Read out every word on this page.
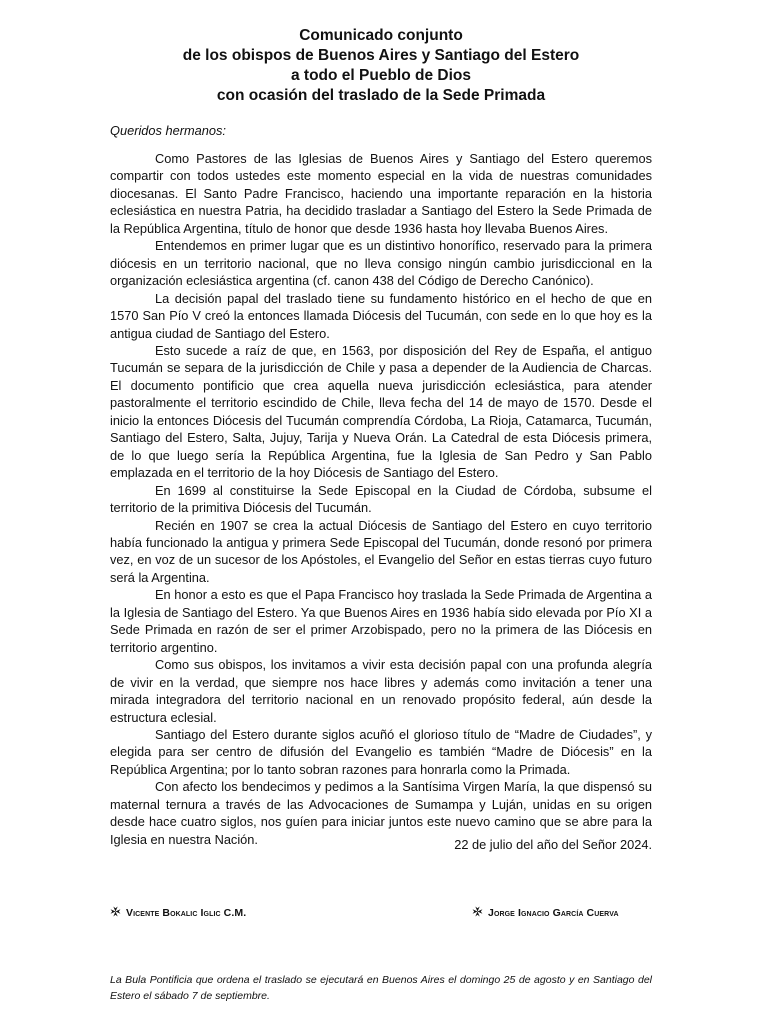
Comunicado conjunto
de los obispos de Buenos Aires y Santiago del Estero
a todo el Pueblo de Dios
con ocasión del traslado de la Sede Primada
Queridos hermanos:

Como Pastores de las Iglesias de Buenos Aires y Santiago del Estero queremos compartir con todos ustedes este momento especial en la vida de nuestras comunidades diocesanas. El Santo Padre Francisco, haciendo una importante reparación en la historia eclesiástica en nuestra Patria, ha decidido trasladar a Santiago del Estero la Sede Primada de la República Argentina, título de honor que desde 1936 hasta hoy llevaba Buenos Aires.

Entendemos en primer lugar que es un distintivo honorífico, reservado para la primera diócesis en un territorio nacional, que no lleva consigo ningún cambio jurisdiccional en la organización eclesiástica argentina (cf. canon 438 del Código de Derecho Canónico).

La decisión papal del traslado tiene su fundamento histórico en el hecho de que en 1570 San Pío V creó la entonces llamada Diócesis del Tucumán, con sede en lo que hoy es la antigua ciudad de Santiago del Estero.

Esto sucede a raíz de que, en 1563, por disposición del Rey de España, el antiguo Tucumán se separa de la jurisdicción de Chile y pasa a depender de la Audiencia de Charcas. El documento pontificio que crea aquella nueva jurisdicción eclesiástica, para atender pastoralmente el territorio escindido de Chile, lleva fecha del 14 de mayo de 1570. Desde el inicio la entonces Diócesis del Tucumán comprendía Córdoba, La Rioja, Catamarca, Tucumán, Santiago del Estero, Salta, Jujuy, Tarija y Nueva Orán. La Catedral de esta Diócesis primera, de lo que luego sería la República Argentina, fue la Iglesia de San Pedro y San Pablo emplazada en el territorio de la hoy Diócesis de Santiago del Estero.

En 1699 al constituirse la Sede Episcopal en la Ciudad de Córdoba, subsume el territorio de la primitiva Diócesis del Tucumán.

Recién en 1907 se crea la actual Diócesis de Santiago del Estero en cuyo territorio había funcionado la antigua y primera Sede Episcopal del Tucumán, donde resonó por primera vez, en voz de un sucesor de los Apóstoles, el Evangelio del Señor en estas tierras cuyo futuro será la Argentina.

En honor a esto es que el Papa Francisco hoy traslada la Sede Primada de Argentina a la Iglesia de Santiago del Estero. Ya que Buenos Aires en 1936 había sido elevada por Pío XI a Sede Primada en razón de ser el primer Arzobispado, pero no la primera de las Diócesis en territorio argentino.

Como sus obispos, los invitamos a vivir esta decisión papal con una profunda alegría de vivir en la verdad, que siempre nos hace libres y además como invitación a tener una mirada integradora del territorio nacional en un renovado propósito federal, aún desde la estructura eclesial.

Santiago del Estero durante siglos acuñó el glorioso título de “Madre de Ciudades”, y elegida para ser centro de difusión del Evangelio es también “Madre de Diócesis” en la República Argentina; por lo tanto sobran razones para honrarla como la Primada.

Con afecto los bendecimos y pedimos a la Santísima Virgen María, la que dispensó su maternal ternura a través de las Advocaciones de Sumampa y Luján, unidas en su origen desde hace cuatro siglos, nos guíen para iniciar juntos este nuevo camino que se abre para la Iglesia en nuestra Nación.	22 de julio del año del Señor 2024.
Vicente Bokalic Iglic C.M.	Jorge Ignacio García Cuerva
La Bula Pontificia que ordena el traslado se ejecutará en Buenos Aires el domingo 25 de agosto y en Santiago del Estero el sábado 7 de septiembre.
